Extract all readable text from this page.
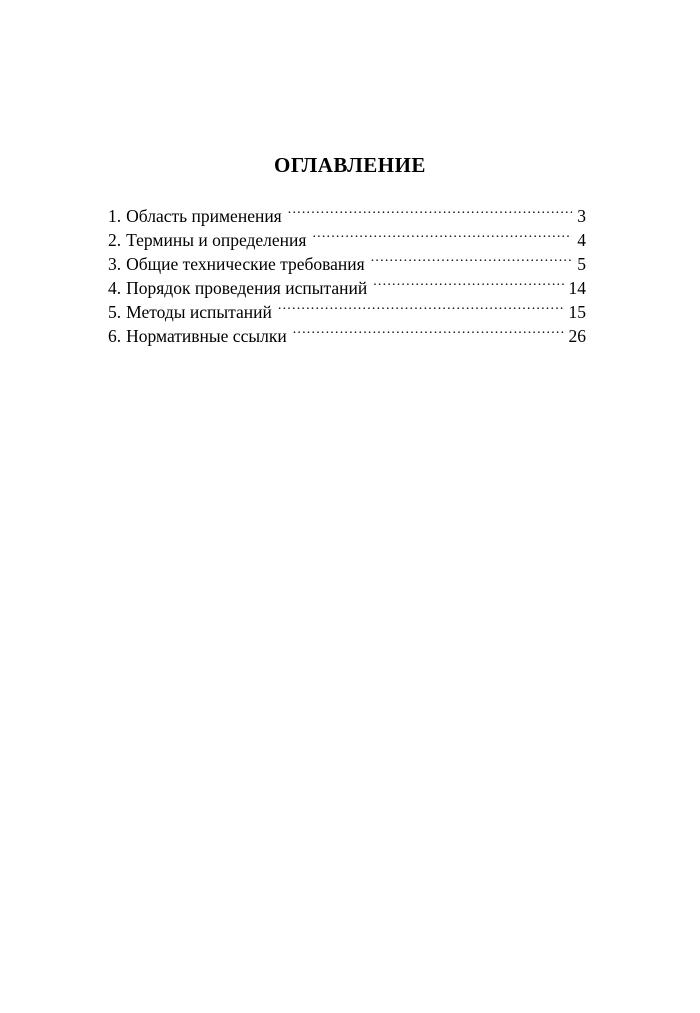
ОГЛАВЛЕНИЕ
1. Область применения .....	3
2. Термины и определения .....	4
3. Общие технические требования .....	5
4. Порядок проведения испытаний .....	14
5. Методы испытаний .....	15
6. Нормативные ссылки .....	26
